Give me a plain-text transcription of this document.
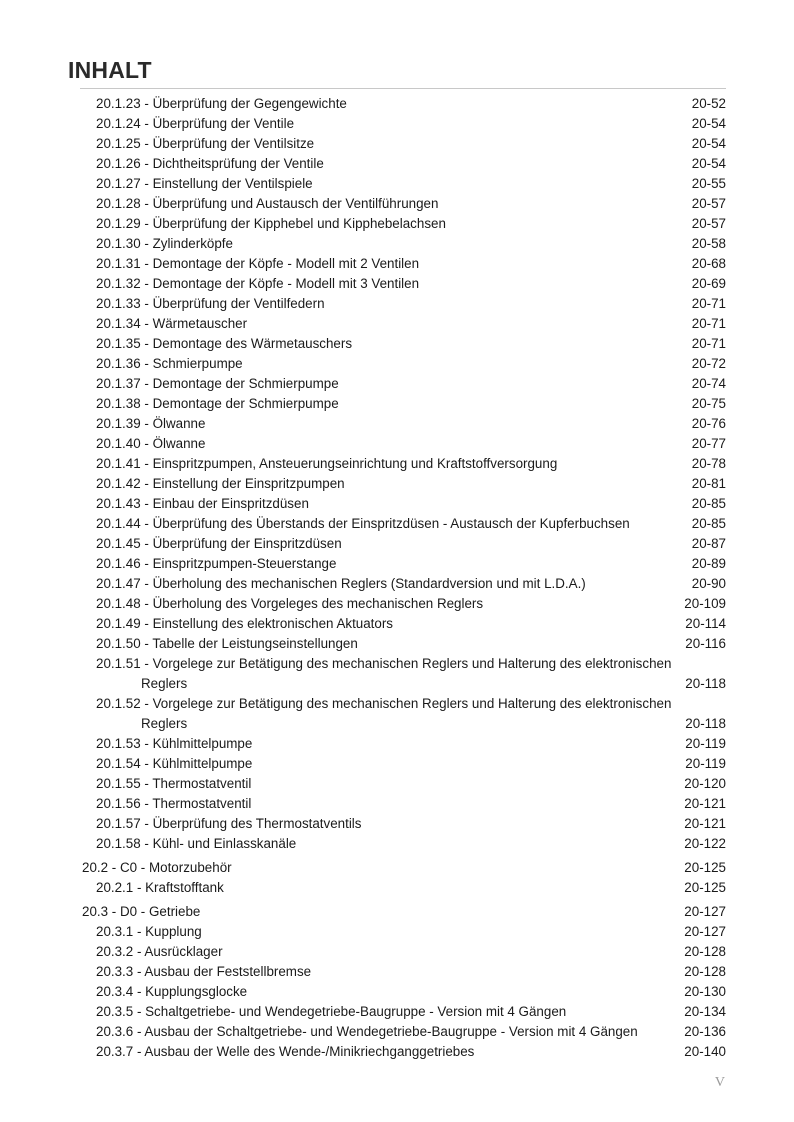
INHALT
20.1.23 - Überprüfung der Gegengewichte	20-52
20.1.24 - Überprüfung der Ventile	20-54
20.1.25 - Überprüfung der Ventilsitze	20-54
20.1.26 - Dichtheitsprüfung der Ventile	20-54
20.1.27 - Einstellung der Ventilspiele	20-55
20.1.28 - Überprüfung und Austausch der Ventilführungen	20-57
20.1.29 - Überprüfung der Kipphebel und Kipphebelachsen	20-57
20.1.30 - Zylinderköpfe	20-58
20.1.31 - Demontage der Köpfe - Modell mit 2 Ventilen	20-68
20.1.32 - Demontage der Köpfe - Modell mit 3 Ventilen	20-69
20.1.33 - Überprüfung der Ventilfedern	20-71
20.1.34 - Wärmetauscher	20-71
20.1.35 - Demontage des Wärmetauschers	20-71
20.1.36 - Schmierpumpe	20-72
20.1.37 - Demontage der Schmierpumpe	20-74
20.1.38 - Demontage der Schmierpumpe	20-75
20.1.39 - Ölwanne	20-76
20.1.40 - Ölwanne	20-77
20.1.41 - Einspritzpumpen, Ansteuerungseinrichtung und Kraftstoffversorgung	20-78
20.1.42 - Einstellung der Einspritzpumpen	20-81
20.1.43 - Einbau der Einspritzdüsen	20-85
20.1.44 - Überprüfung des Überstands der Einspritzdüsen - Austausch der Kupferbuchsen	20-85
20.1.45 - Überprüfung der Einspritzdüsen	20-87
20.1.46 - Einspritzpumpen-Steuerstange	20-89
20.1.47 - Überholung des mechanischen Reglers (Standardversion und mit L.D.A.)	20-90
20.1.48 - Überholung des Vorgeleges des mechanischen Reglers	20-109
20.1.49 - Einstellung des elektronischen Aktuators	20-114
20.1.50 - Tabelle der Leistungseinstellungen	20-116
20.1.51 - Vorgelege zur Betätigung des mechanischen Reglers und Halterung des elektronischen
Reglers	20-118
20.1.52 - Vorgelege zur Betätigung des mechanischen Reglers und Halterung des elektronischen
Reglers	20-118
20.1.53 - Kühlmittelpumpe	20-119
20.1.54 - Kühlmittelpumpe	20-119
20.1.55 - Thermostatventil	20-120
20.1.56 - Thermostatventil	20-121
20.1.57 - Überprüfung des Thermostatventils	20-121
20.1.58 - Kühl- und Einlasskanäle	20-122
20.2 - C0 - Motorzubehör	20-125
20.2.1 - Kraftstofftank	20-125
20.3 - D0 - Getriebe	20-127
20.3.1 - Kupplung	20-127
20.3.2 - Ausrücklager	20-128
20.3.3 - Ausbau der Feststellbremse	20-128
20.3.4 - Kupplungsglocke	20-130
20.3.5 - Schaltgetriebe- und Wendegetriebe-Baugruppe - Version mit 4 Gängen	20-134
20.3.6 - Ausbau der Schaltgetriebe- und Wendegetriebe-Baugruppe - Version mit 4 Gängen	20-136
20.3.7 - Ausbau der Welle des Wende-/Minikriechganggetriebes	20-140
V
